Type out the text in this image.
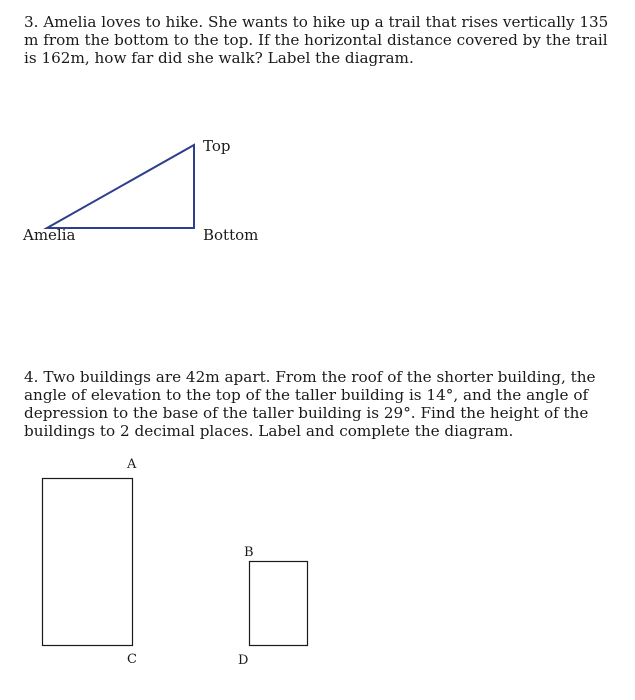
3. Amelia loves to hike. She wants to hike up a trail that rises vertically 135 m from the bottom to the top. If the horizontal distance covered by the trail is 162m, how far did she walk? Label the diagram.

Top
Bottom
Amelia

4. Two buildings are 42m apart. From the roof of the shorter building, the angle of elevation to the top of the taller building is 14°, and the angle of depression to the base of the taller building is 29°. Find the height of the buildings to 2 decimal places. Label and complete the diagram.

A
B
C	D
